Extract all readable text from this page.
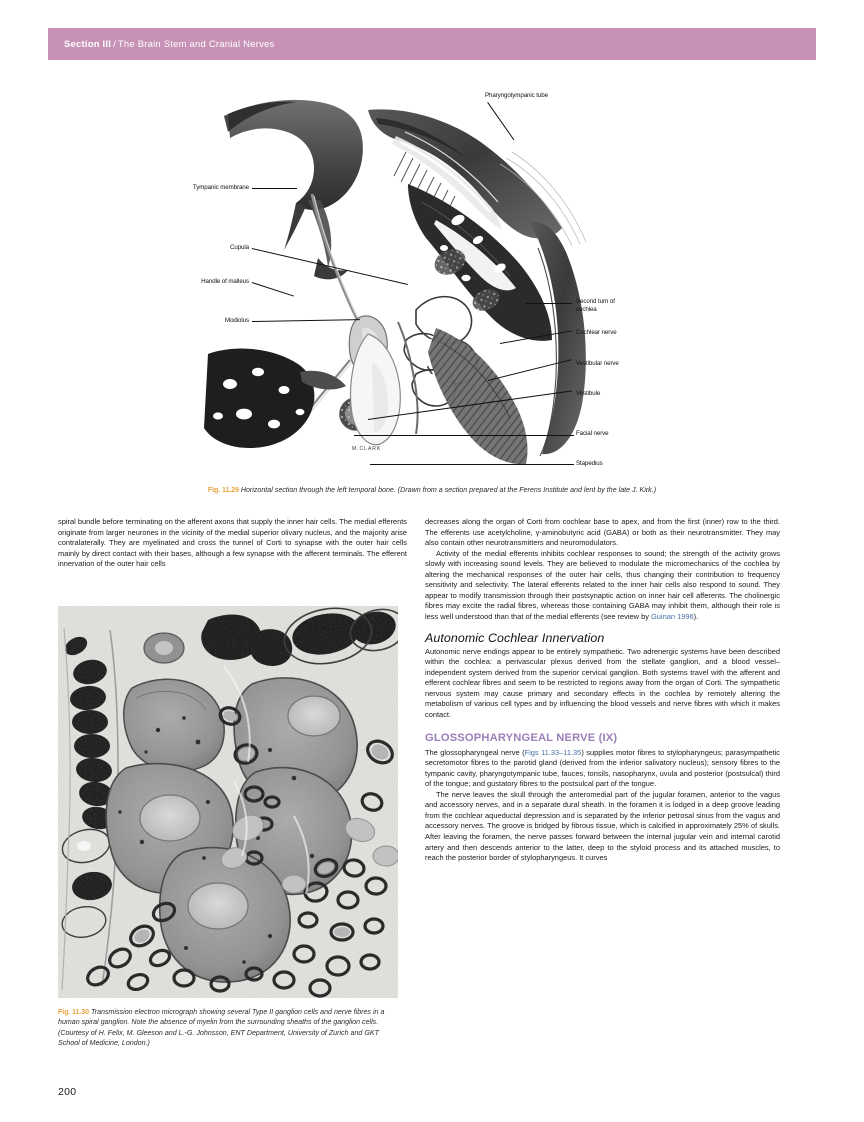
Section III / The Brain Stem and Cranial Nerves
M.CLARK
Pharyngotympanic tube
Tympanic membrane
Cupula
Handle of malleus
Modiolus
Second turn of
cochlea
Cochlear nerve
Vestibular nerve
Vestibule
Facial nerve
Stapedius
Fig. 11.29 Horizontal section through the left temporal bone. (Drawn from a section prepared at the Ferens Institute and lent by the late J. Kirk.)

spiral bundle before terminating on the afferent axons that supply the inner hair cells. The medial efferents originate from larger neurones in the vicinity of the medial superior olivary nucleus, and the majority arise contralaterally. They are myelinated and cross the tunnel of Corti to synapse with the outer hair cells mainly by direct contact with their bases, although a few synapse with the afferent terminals. The efferent innervation of the outer hair cells

Fig. 11.30 Transmission electron micrograph showing several Type II ganglion cells and nerve fibres in a human spiral ganglion. Note the absence of myelin from the surrounding sheaths of the ganglion cells. (Courtesy of H. Felix, M. Gleeson and L.-G. Johnsson, ENT Department, University of Zurich and GKT School of Medicine, London.)

decreases along the organ of Corti from cochlear base to apex, and from the first (inner) row to the third. The efferents use acetylcholine, γ-aminobutyric acid (GABA) or both as their neurotransmitter. They may also contain other neurotransmitters and neuromodulators.

Activity of the medial efferents inhibits cochlear responses to sound; the strength of the activity grows slowly with increasing sound levels. They are believed to modulate the micromechanics of the cochlea by altering the mechanical responses of the outer hair cells, thus changing their contribution to frequency sensitivity and selectivity. The lateral efferents related to the inner hair cells also respond to sound. They appear to modify transmission through their postsynaptic action on inner hair cell afferents. The cholinergic fibres may excite the radial fibres, whereas those containing GABA may inhibit them, although their role is less well understood than that of the medial efferents (see review by Guinan 1996).

Autonomic Cochlear Innervation

Autonomic nerve endings appear to be entirely sympathetic. Two adrenergic systems have been described within the cochlea: a perivascular plexus derived from the stellate ganglion, and a blood vessel–independent system derived from the superior cervical ganglion. Both systems travel with the afferent and efferent cochlear fibres and seem to be restricted to regions away from the organ of Corti. The sympathetic nervous system may cause primary and secondary effects in the cochlea by remotely altering the metabolism of various cell types and by influencing the blood vessels and nerve fibres with which it makes contact.

GLOSSOPHARYNGEAL NERVE (IX)

The glossopharyngeal nerve (Figs 11.33–11.35) supplies motor fibres to stylopharyngeus; parasympathetic secretomotor fibres to the parotid gland (derived from the inferior salivatory nucleus); sensory fibres to the tympanic cavity, pharyngotympanic tube, fauces, tonsils, nasopharynx, uvula and posterior (postsulcal) third of the tongue; and gustatory fibres to the postsulcal part of the tongue.

The nerve leaves the skull through the anteromedial part of the jugular foramen, anterior to the vagus and accessory nerves, and in a separate dural sheath. In the foramen it is lodged in a deep groove leading from the cochlear aqueductal depression and is separated by the inferior petrosal sinus from the vagus and accessory nerves. The groove is bridged by fibrous tissue, which is calcified in approximately 25% of skulls. After leaving the foramen, the nerve passes forward between the internal jugular vein and internal carotid artery and then descends anterior to the latter, deep to the styloid process and its attached muscles, to reach the posterior border of stylopharyngeus. It curves

200
